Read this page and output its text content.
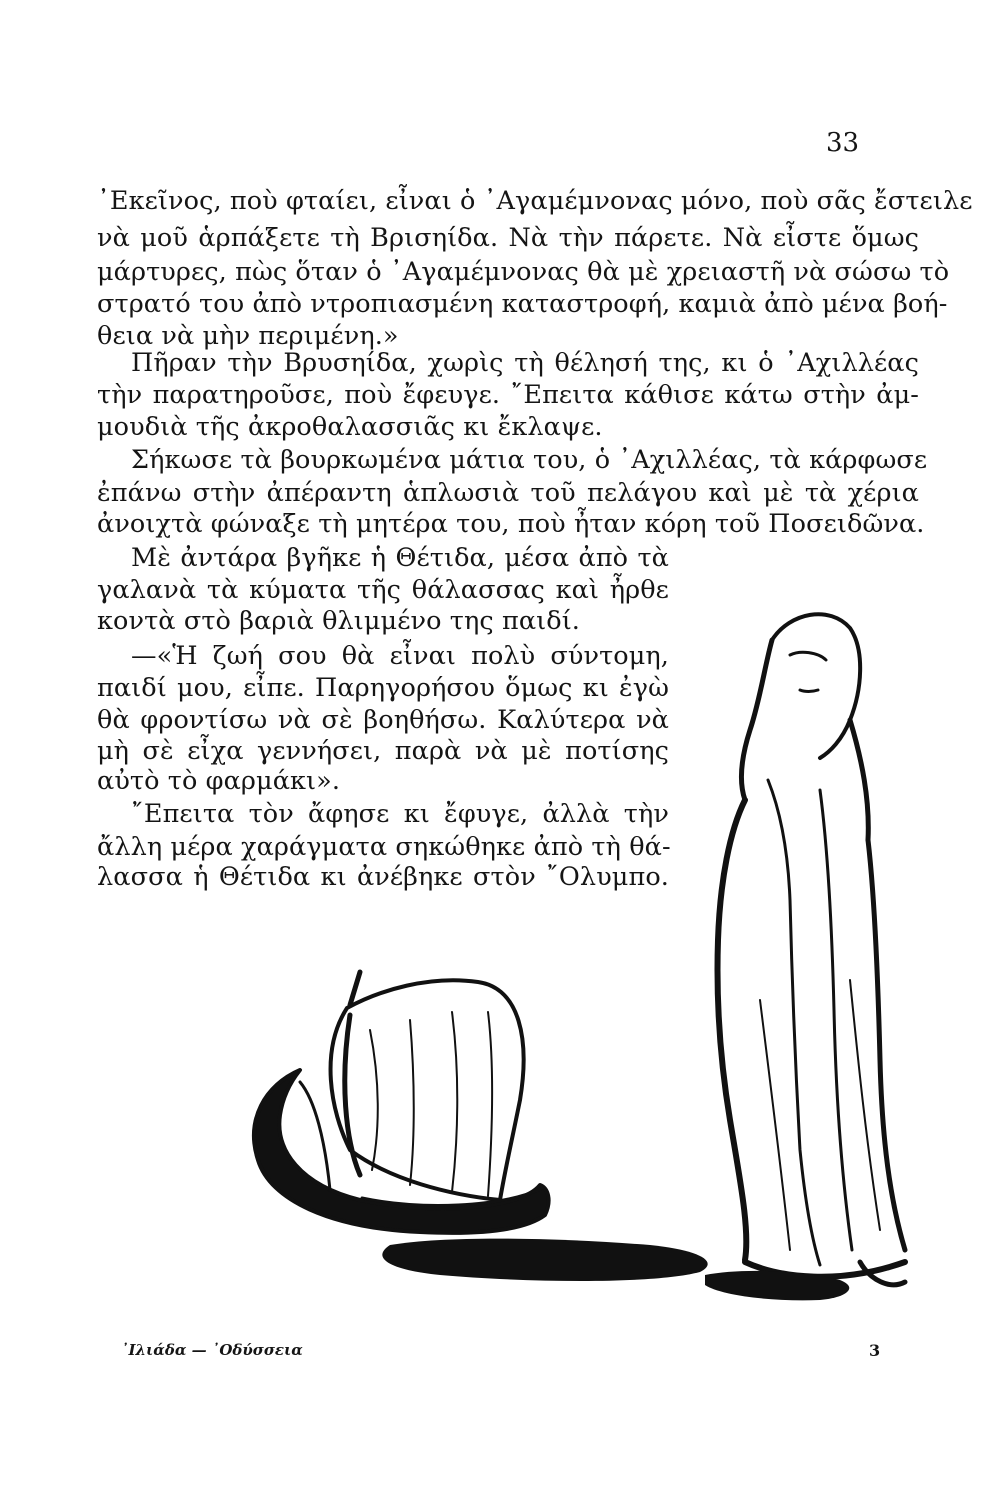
33
᾿Εκεῖνος, ποὺ φταίει, εἶναι ὁ ᾿Αγαμέμνονας μόνο, ποὺ σᾶς ἔστειλε
νὰ μοῦ ἁρπάξετε τὴ Βρισηίδα. Νὰ τὴν πάρετε. Νὰ εἶστε ὅμως
μάρτυρες, πὼς ὅταν ὁ ᾿Αγαμέμνονας θὰ μὲ χρειαστῆ νὰ σώσω τὸ
στρατό του ἀπὸ ντροπιασμένη καταστροφή, καμιὰ ἀπὸ μένα βοή-
θεια νὰ μὴν περιμένη.»
Πῆραν τὴν Βρυσηίδα, χωρὶς τὴ θέλησή της, κι ὁ ᾿Αχιλλέας
τὴν παρατηροῦσε, ποὺ ἔφευγε. ῎Επειτα κάθισε κάτω στὴν ἀμ-
μουδιὰ τῆς ἀκροθαλασσιᾶς κι ἔκλαψε.
Σήκωσε τὰ βουρκωμένα μάτια του, ὁ ᾿Αχιλλέας, τὰ κάρφωσε
ἐπάνω στὴν ἀπέραντη ἁπλωσιὰ τοῦ πελάγου καὶ μὲ τὰ χέρια
ἀνοιχτὰ φώναξε τὴ μητέρα του, ποὺ ἦταν κόρη τοῦ Ποσειδῶνα.
Μὲ ἀντάρα βγῆκε ἡ Θέτιδα, μέσα ἀπὸ τὰ
γαλανὰ τὰ κύματα τῆς θάλασσας καὶ ἦρθε
κοντὰ στὸ βαριὰ θλιμμένο της παιδί.
—«Ἡ ζωή σου θὰ εἶναι πολὺ σύντομη,
παιδί μου, εἶπε. Παρηγορήσου ὅμως κι ἐγὼ
θὰ φροντίσω νὰ σὲ βοηθήσω. Καλύτερα νὰ
μὴ σὲ εἶχα γεννήσει, παρὰ νὰ μὲ ποτίσης
αὐτὸ τὸ φαρμάκι».
῎Επειτα τὸν ἄφησε κι ἔφυγε, ἀλλὰ τὴν
ἄλλη μέρα χαράγματα σηκώθηκε ἀπὸ τὴ θά-
λασσα ἡ Θέτιδα κι ἀνέβηκε στὸν ῎Ολυμπο.
᾿Ιλιάδα — ᾿Οδύσσεια	3
